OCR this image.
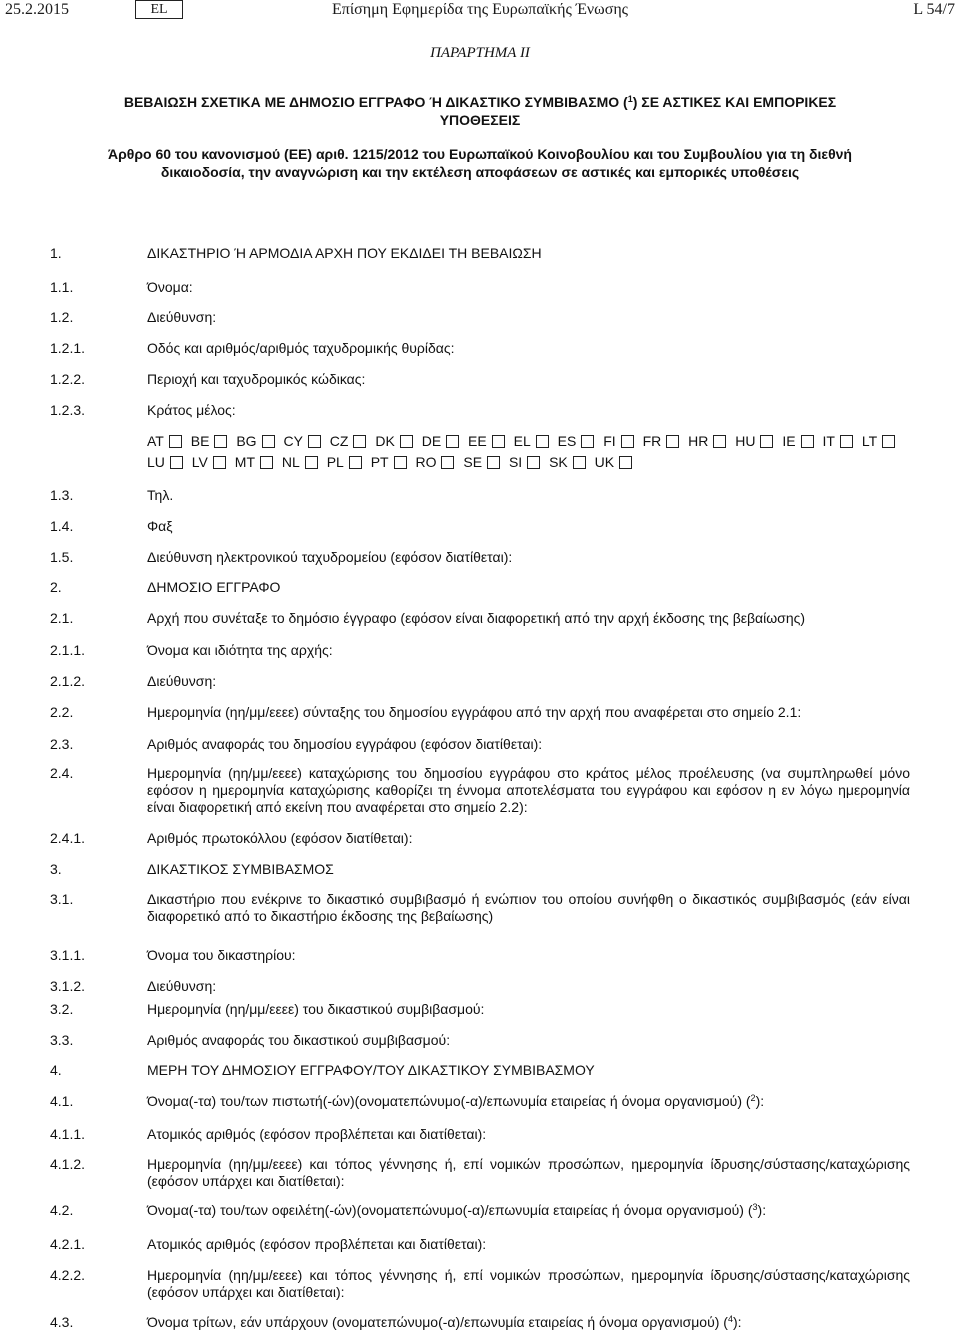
25.2.2015	EL	Επίσημη Εφημερίδα της Ευρωπαϊκής Ένωσης	L 54/7
ΠΑΡΑΡΤΗΜΑ II
ΒΕΒΑΙΩΣΗ ΣΧΕΤΙΚΑ ΜΕ ΔΗΜΟΣΙΟ ΕΓΓΡΑΦΟ Ή ΔΙΚΑΣΤΙΚΟ ΣΥΜΒΙΒΑΣΜΟ ($^1$) ΣΕ ΑΣΤΙΚΕΣ ΚΑΙ ΕΜΠΟΡΙΚΕΣ ΥΠΟΘΕΣΕΙΣ
Άρθρο 60 του κανονισμού (ΕΕ) αριθ. 1215/2012 του Ευρωπαϊκού Κοινοβουλίου και του Συμβουλίου για τη διεθνή δικαιοδοσία, την αναγνώριση και την εκτέλεση αποφάσεων σε αστικές και εμπορικές υποθέσεις
1.	ΔΙΚΑΣΤΗΡΙΟ Ή ΑΡΜΟΔΙΑ ΑΡΧΗ ΠΟΥ ΕΚΔΙΔΕΙ ΤΗ ΒΕΒΑΙΩΣΗ
1.1.	Όνομα:
1.2.	Διεύθυνση:
1.2.1.	Οδός και αριθμός/αριθμός ταχυδρομικής θυρίδας:
1.2.2.	Περιοχή και ταχυδρομικός κώδικας:
1.2.3.	Κράτος μέλος:
1.3.	Τηλ.
1.4.	Φαξ
1.5.	Διεύθυνση ηλεκτρονικού ταχυδρομείου (εφόσον διατίθεται):
2.	ΔΗΜΟΣΙΟ ΕΓΓΡΑΦΟ
2.1.	Αρχή που συνέταξε το δημόσιο έγγραφο (εφόσον είναι διαφορετική από την αρχή έκδοσης της βεβαίωσης)
2.1.1.	Όνομα και ιδιότητα της αρχής:
2.1.2.	Διεύθυνση:
2.2.	Ημερομηνία (ηη/μμ/εεεε) σύνταξης του δημοσίου εγγράφου από την αρχή που αναφέρεται στο σημείο 2.1:
2.3.	Αριθμός αναφοράς του δημοσίου εγγράφου (εφόσον διατίθεται):
2.4.	Ημερομηνία (ηη/μμ/εεεε) καταχώρισης του δημοσίου εγγράφου στο κράτος μέλος προέλευσης (να συμπληρωθεί μόνο εφόσον η ημερομηνία καταχώρισης καθορίζει τη έννομα αποτελέσματα του εγγράφου και εφόσον η εν λόγω ημερομηνία είναι διαφορετική από εκείνη που αναφέρεται στο σημείο 2.2):
2.4.1.	Αριθμός πρωτοκόλλου (εφόσον διατίθεται):
3.	ΔΙΚΑΣΤΙΚΟΣ ΣΥΜΒΙΒΑΣΜΟΣ
3.1.	Δικαστήριο που ενέκρινε το δικαστικό συμβιβασμό ή ενώπιον του οποίου συνήφθη ο δικαστικός συμβιβασμός (εάν είναι διαφορετικό από το δικαστήριο έκδοσης της βεβαίωσης)
3.1.1.	Όνομα του δικαστηρίου:
3.1.2.	Διεύθυνση:
3.2.	Ημερομηνία (ηη/μμ/εεεε) του δικαστικού συμβιβασμού:
3.3.	Αριθμός αναφοράς του δικαστικού συμβιβασμού:
4.	ΜΕΡΗ ΤΟΥ ΔΗΜΟΣΙΟΥ ΕΓΓΡΑΦΟΥ/ΤΟΥ ΔΙΚΑΣΤΙΚΟΥ ΣΥΜΒΙΒΑΣΜΟΥ
4.1.	Όνομα(-τα) του/των πιστωτή(-ών)(ονοματεπώνυμο(-α)/επωνυμία εταιρείας ή όνομα οργανισμού) ($^2$):
4.1.1.	Ατομικός αριθμός (εφόσον προβλέπεται και διατίθεται):
4.1.2.	Ημερομηνία (ηη/μμ/εεεε) και τόπος γέννησης ή, επί νομικών προσώπων, ημερομηνία ίδρυσης/σύστασης/καταχώρισης (εφόσον υπάρχει και διατίθεται):
4.2.	Όνομα(-τα) του/των οφειλέτη(-ών)(ονοματεπώνυμο(-α)/επωνυμία εταιρείας ή όνομα οργανισμού) ($^3$):
4.2.1.	Ατομικός αριθμός (εφόσον προβλέπεται και διατίθεται):
4.2.2.	Ημερομηνία (ηη/μμ/εεεε) και τόπος γέννησης ή, επί νομικών προσώπων, ημερομηνία ίδρυσης/σύστασης/καταχώρισης (εφόσον υπάρχει και διατίθεται):
4.3.	Όνομα τρίτων, εάν υπάρχουν (ονοματεπώνυμο(-α)/επωνυμία εταιρείας ή όνομα οργανισμού) ($^4$):
AT BE BG CY CZ DK DE EE EL ES FI FR HR HU IE IT LT LU LV MT NL PL PT RO SE SI SK UK
